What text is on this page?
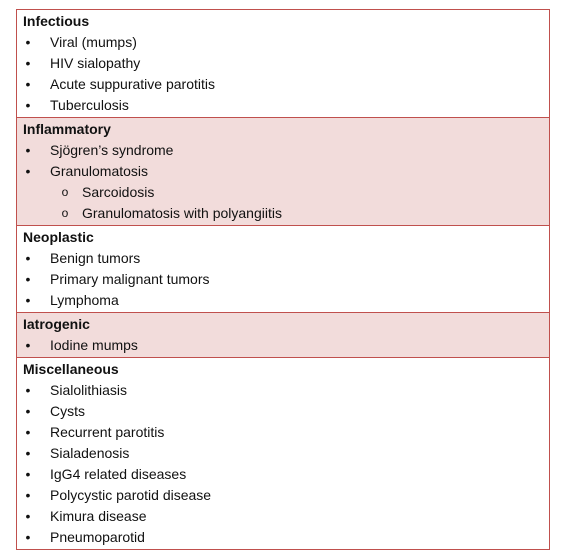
Infectious
• Viral (mumps)
• HIV sialopathy
• Acute suppurative parotitis
• Tuberculosis
Inflammatory
• Sjögren’s syndrome
• Granulomatosis
o Sarcoidosis
o Granulomatosis with polyangiitis
Neoplastic
• Benign tumors
• Primary malignant tumors
• Lymphoma
Iatrogenic
• Iodine mumps
Miscellaneous
• Sialolithiasis
• Cysts
• Recurrent parotitis
• Sialadenosis
• IgG4 related diseases
• Polycystic parotid disease
• Kimura disease
• Pneumoparotid
